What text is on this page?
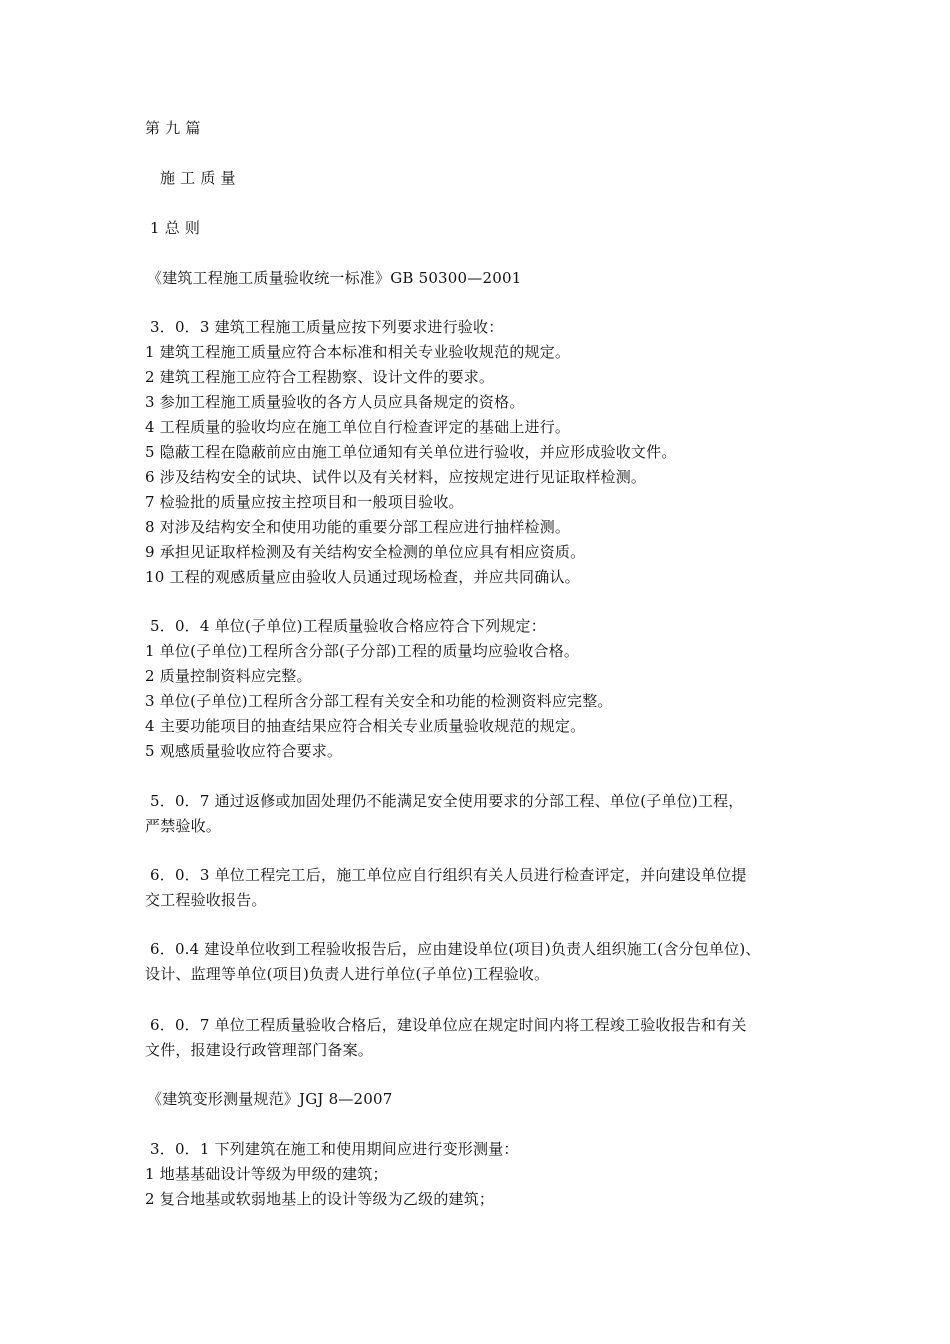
第 九 篇
施 工 质 量
1 总 则
《建筑工程施工质量验收统一标准》GB 50300—2001
3．0．3 建筑工程施工质量应按下列要求进行验收：
1 建筑工程施工质量应符合本标准和相关专业验收规范的规定。
2 建筑工程施工应符合工程勘察、设计文件的要求。
3 参加工程施工质量验收的各方人员应具备规定的资格。
4 工程质量的验收均应在施工单位自行检查评定的基础上进行。
5 隐蔽工程在隐蔽前应由施工单位通知有关单位进行验收，并应形成验收文件。
6 涉及结构安全的试块、试件以及有关材料，应按规定进行见证取样检测。
7 检验批的质量应按主控项目和一般项目验收。
8 对涉及结构安全和使用功能的重要分部工程应进行抽样检测。
9 承担见证取样检测及有关结构安全检测的单位应具有相应资质。
10 工程的观感质量应由验收人员通过现场检查，并应共同确认。
5．0．4 单位(子单位)工程质量验收合格应符合下列规定：
1 单位(子单位)工程所含分部(子分部)工程的质量均应验收合格。
2 质量控制资料应完整。
3 单位(子单位)工程所含分部工程有关安全和功能的检测资料应完整。
4 主要功能项目的抽查结果应符合相关专业质量验收规范的规定。
5 观感质量验收应符合要求。
5．0．7 通过返修或加固处理仍不能满足安全使用要求的分部工程、单位(子单位)工程，
严禁验收。
6．0．3 单位工程完工后，施工单位应自行组织有关人员进行检查评定，并向建设单位提
交工程验收报告。
6．0.4 建设单位收到工程验收报告后，应由建设单位(项目)负责人组织施工(含分包单位)、
设计、监理等单位(项目)负责人进行单位(子单位)工程验收。
6．0．7 单位工程质量验收合格后，建设单位应在规定时间内将工程竣工验收报告和有关
文件，报建设行政管理部门备案。
《建筑变形测量规范》JGJ 8—2007
3．0．1 下列建筑在施工和使用期间应进行变形测量：
1 地基基础设计等级为甲级的建筑；
2 复合地基或软弱地基上的设计等级为乙级的建筑；
